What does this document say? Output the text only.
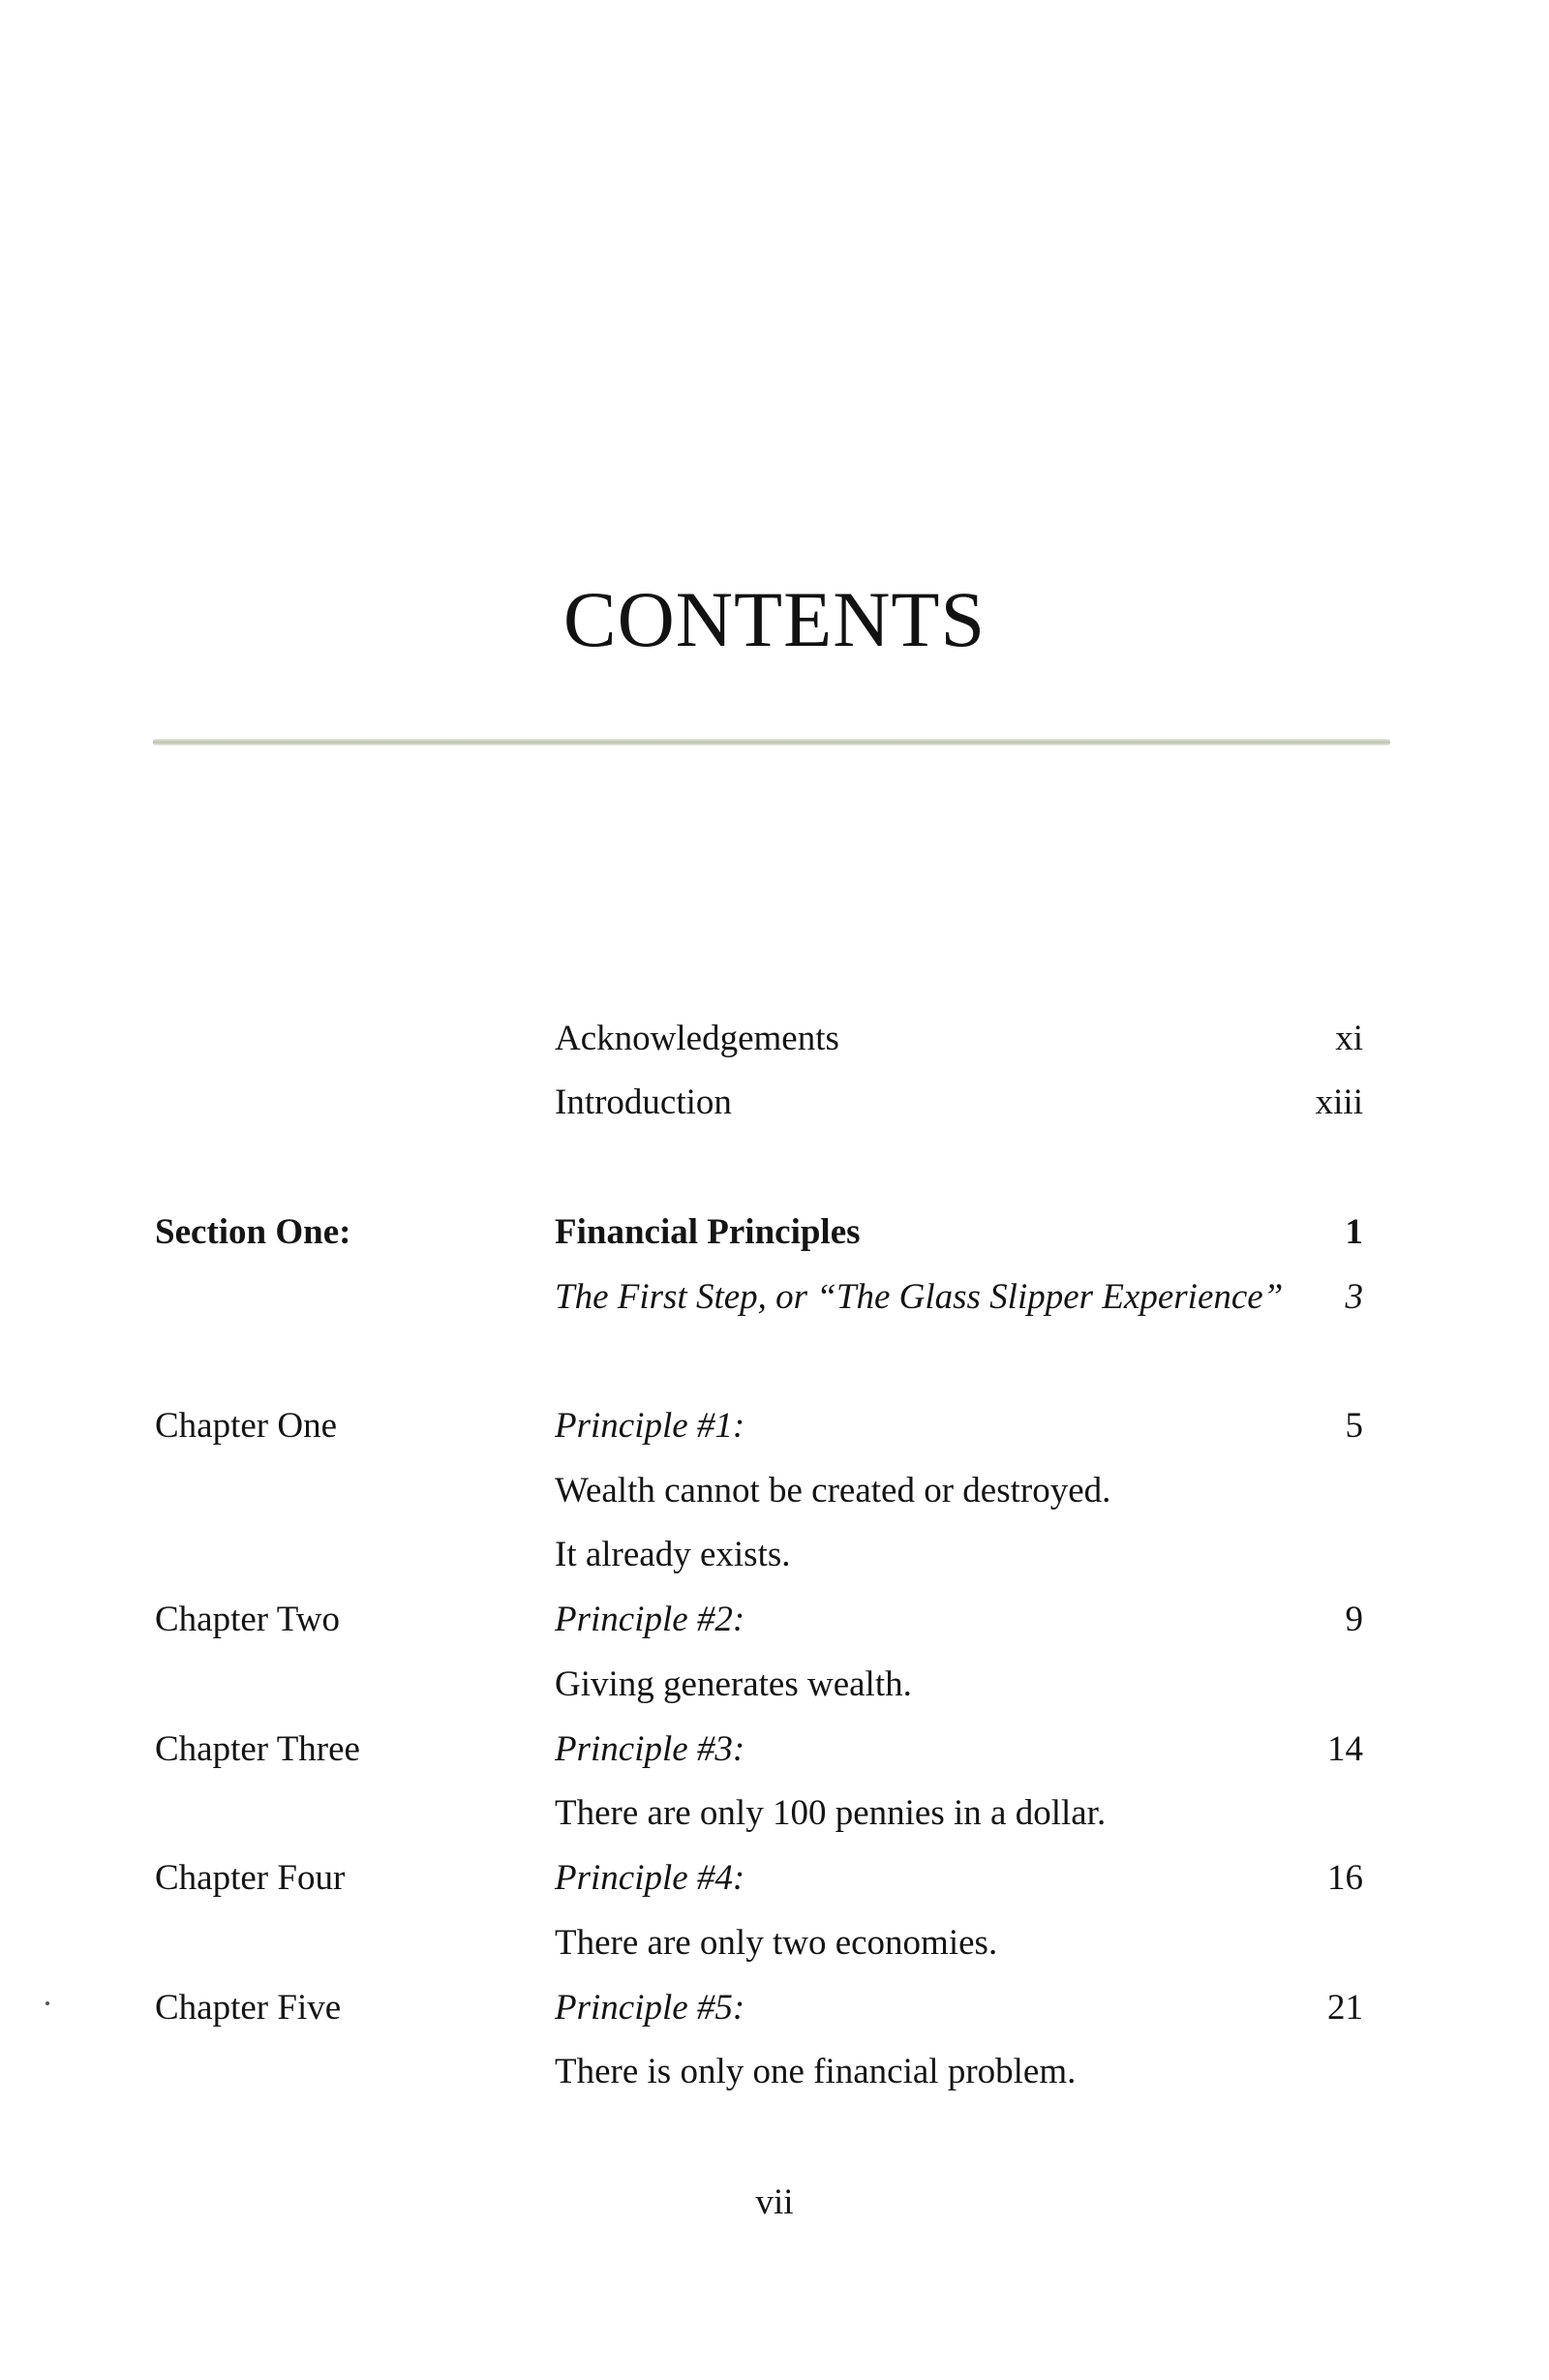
CONTENTS
Acknowledgements	xi
Introduction	xiii
Section One:	Financial Principles	1
The First Step, or “The Glass Slipper Experience” 3
Chapter One	Principle #1:	5
Wealth cannot be created or destroyed.
It already exists.
Chapter Two	Principle #2:	9
Giving generates wealth.
Chapter Three	Principle #3:	14
There are only 100 pennies in a dollar.
Chapter Four	Principle #4:	16
There are only two economies.
Chapter Five	Principle #5:	21
There is only one financial problem.
vii
